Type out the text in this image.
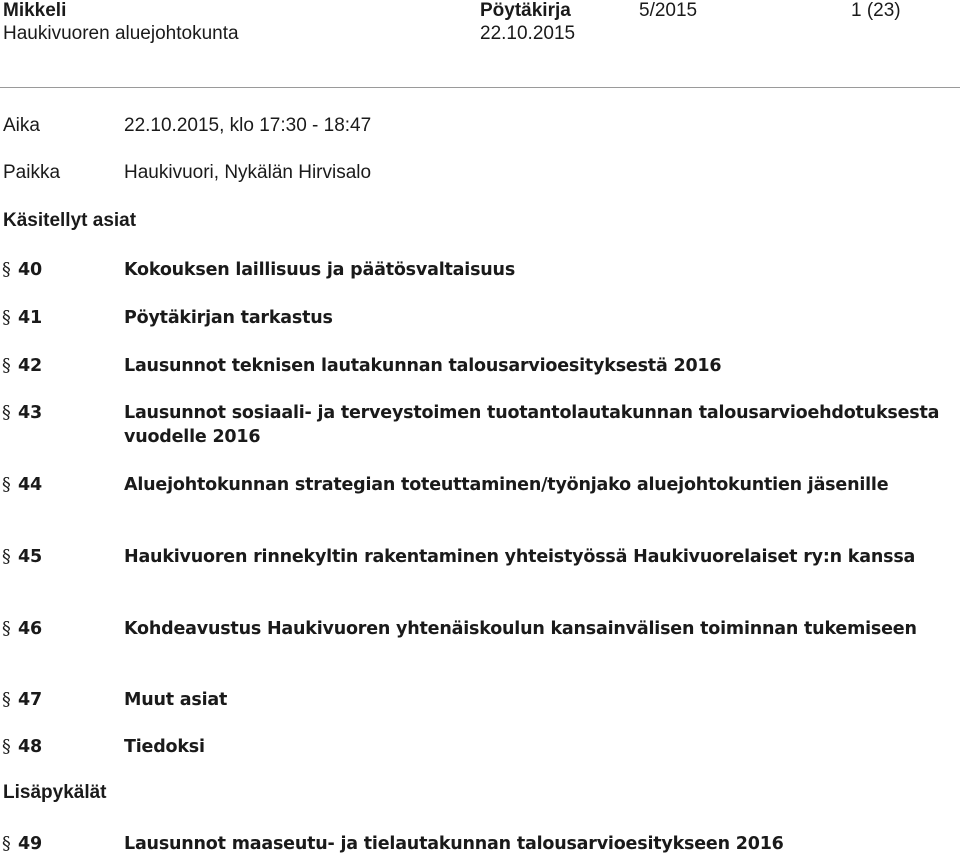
Mikkeli
Haukivuoren aluejohtokunta
Pöytäkirja
22.10.2015
5/2015	1 (23)
Aika	22.10.2015, klo 17:30 - 18:47
Paikka	Haukivuori, Nykälän Hirvisalo
Käsitellyt asiat
§ 40	Kokouksen laillisuus ja päätösvaltaisuus
§ 41	Pöytäkirjan tarkastus
§ 42	Lausunnot teknisen lautakunnan talousarvioesityksestä 2016
§ 43	Lausunnot sosiaali- ja terveystoimen tuotantolautakunnan talousarvioehdotuksesta vuodelle 2016
§ 44	Aluejohtokunnan strategian toteuttaminen/työnjako aluejohtokuntien jäsenille
§ 45	Haukivuoren rinnekyltin rakentaminen yhteistyössä Haukivuorelaiset ry:n kanssa
§ 46	Kohdeavustus Haukivuoren yhtenäiskoulun kansainvälisen toiminnan tukemiseen
§ 47	Muut asiat
§ 48	Tiedoksi
Lisäpykälät
§ 49	Lausunnot maaseutu- ja tielautakunnan talousarvioesitykseen 2016
